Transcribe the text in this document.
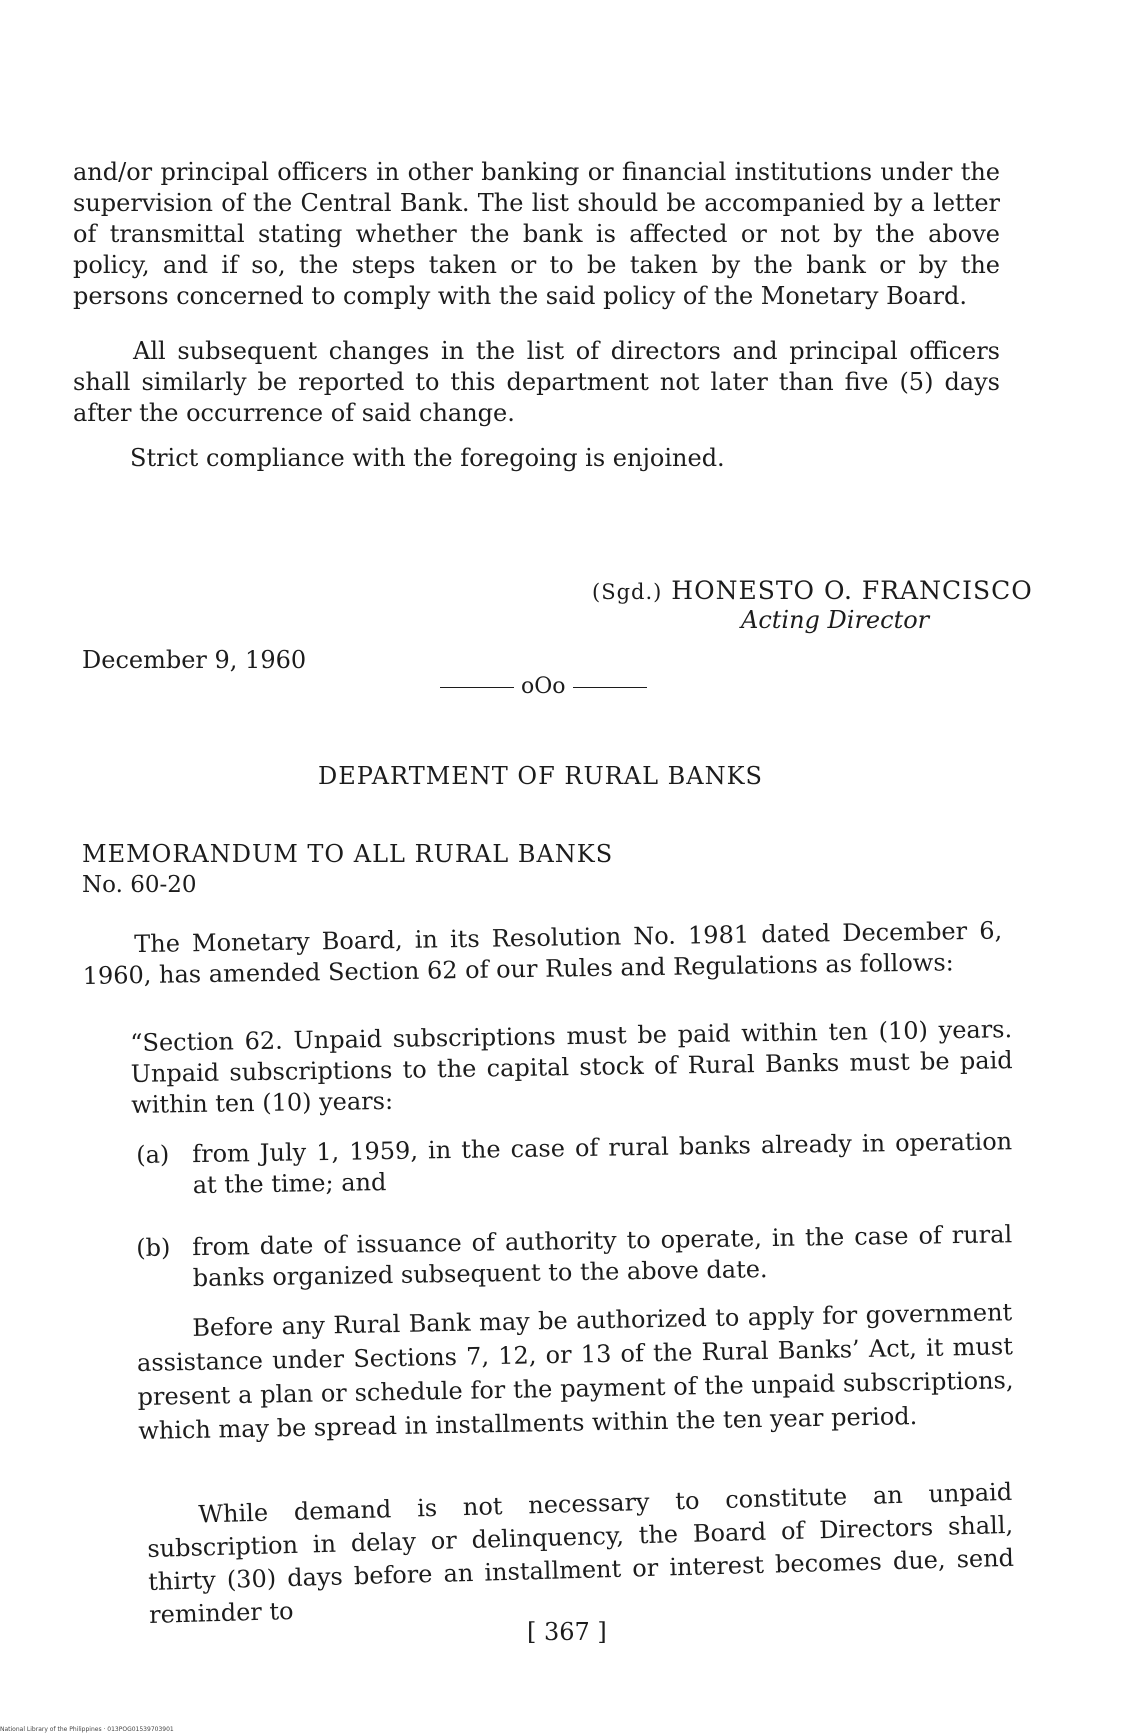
and/or principal officers in other banking or financial institutions under the supervision of the Central Bank. The list should be accompanied by a letter of transmittal stating whether the bank is affected or not by the above policy, and if so, the steps taken or to be taken by the bank or by the persons concerned to comply with the said policy of the Monetary Board.

All subsequent changes in the list of directors and principal officers shall similarly be reported to this department not later than five (5) days after the occurrence of said change.

Strict compliance with the foregoing is enjoined.

(Sgd.) HONESTO O. FRANCISCO
Acting Director
December 9, 1960
oOo
DEPARTMENT OF RURAL BANKS
MEMORANDUM TO ALL RURAL BANKS
No. 60-20

The Monetary Board, in its Resolution No. 1981 dated December 6, 1960, has amended Section 62 of our Rules and Regulations as follows:

“Section 62. Unpaid subscriptions must be paid within ten (10) years. Unpaid subscriptions to the capital stock of Rural Banks must be paid within ten (10) years:

(a) from July 1, 1959, in the case of rural banks already in operation at the time; and

(b) from date of issuance of authority to operate, in the case of rural banks organized subsequent to the above date.

Before any Rural Bank may be authorized to apply for government assistance under Sections 7, 12, or 13 of the Rural Banks’ Act, it must present a plan or schedule for the payment of the unpaid subscriptions, which may be spread in installments within the ten year period.

While demand is not necessary to constitute an unpaid subscription in delay or delinquency, the Board of Directors shall, thirty (30) days before an installment or interest becomes due, send reminder to

[ 367 ]
National Library of the Philippines · 013POG01539703901
